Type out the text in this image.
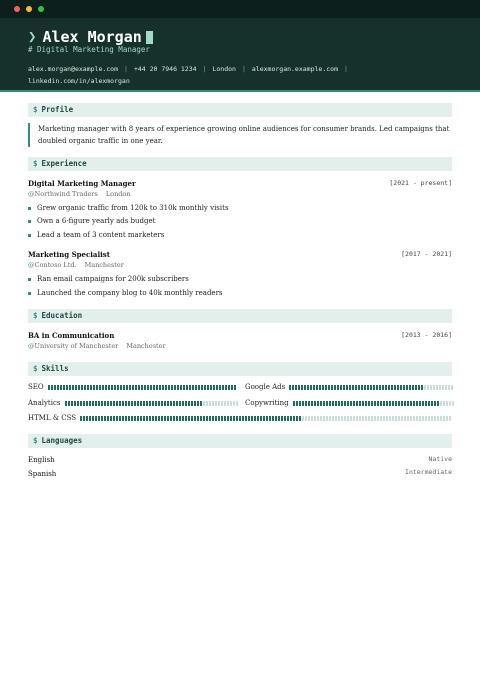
❯ Alex Morgan
# Digital Marketing Manager
alex.morgan@example.com | +44 20 7946 1234 | London | alexmorgan.example.com |
linkedin.com/in/alexmorgan
$ Profile
Marketing manager with 8 years of experience growing online audiences for consumer brands. Led campaigns that doubled organic traffic in one year.
$ Experience
Digital Marketing Manager	[2021 - present]
@Northwind Traders London
Grew organic traffic from 120k to 310k monthly visits
Own a 6-figure yearly ads budget
Lead a team of 3 content marketers
Marketing Specialist	[2017 - 2021]
@Contoso Ltd. Manchester
Ran email campaigns for 200k subscribers
Launched the company blog to 40k monthly readers
$ Education
BA in Communication	[2013 - 2016]
@University of Manchester Manchester
$ Skills
SEO	Google Ads
Analytics	Copywriting
HTML & CSS
$ Languages
English	Native
Spanish	Intermediate
